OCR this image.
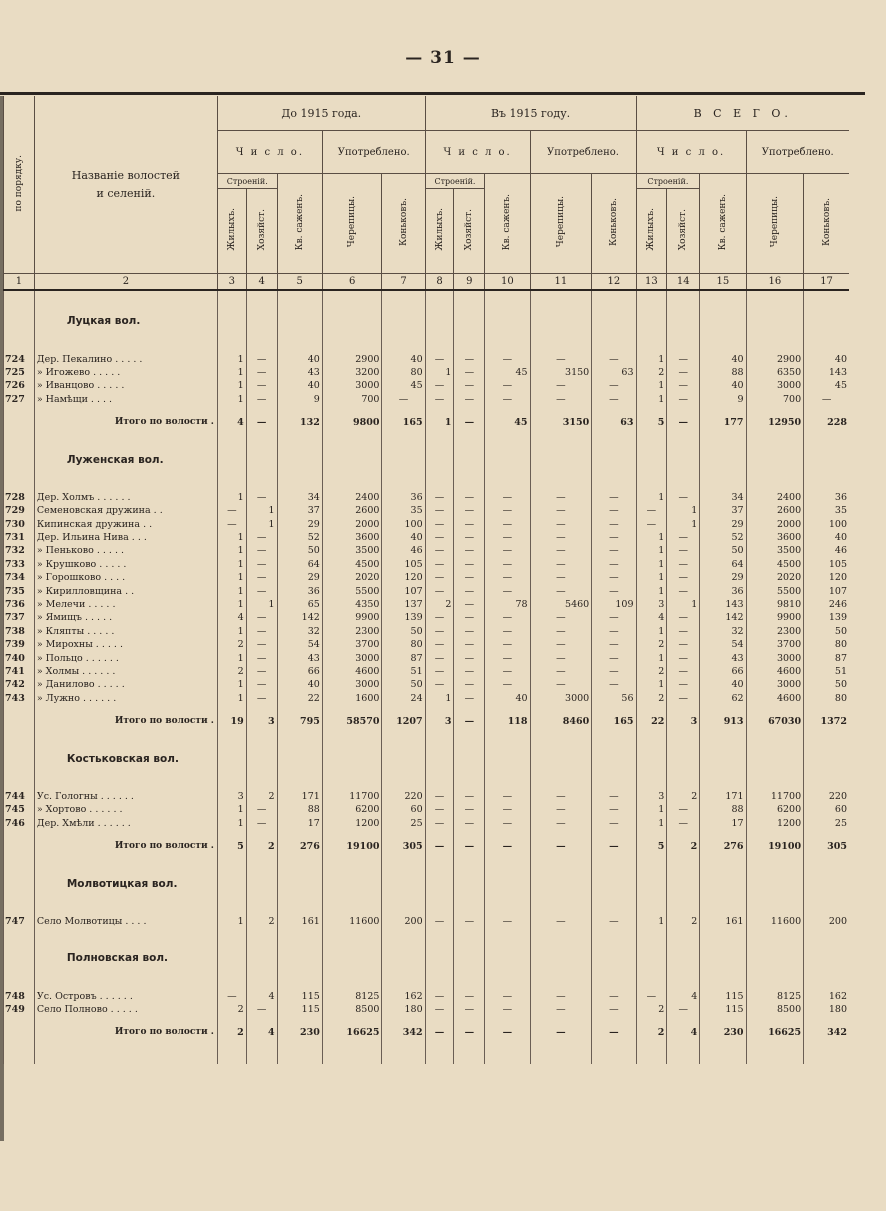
— 31 —
по порядку.	Названіе волостей
и селеній.	До 1915 года.					Въ 1915 году.					В С Е Г О.				
		Ч и с л о.			Употреблено.		Ч и с л о.			Употреблено.		Ч и с л о.			Употреблено.	
		Строеній.		Кв. саженъ.	Черепицы.	Коньковъ.	Строеній.		Кв. саженъ.	Черепицы.	Коньковъ.	Строеній.		Кв. саженъ.	Черепицы.	Коньковъ.
		Жилыхъ.	Хозяйст.				Жилыхъ.	Хозяйст.				Жилыхъ.	Хозяйст.			
1	2	3	4	5	6	7	8	9	10	11	12	13	14	15	16	17

	Луцкая вол.															

724	Дер. Пекалино . . . . .	1	—	40	2900	40	—	—	—	—	—	1	—	40	2900	40
725	» Игожево . . . . .	1	—	43	3200	80	1	—	45	3150	63	2	—	88	6350	143
726	» Иванцово . . . . .	1	—	40	3000	45	—	—	—	—	—	1	—	40	3000	45
727	» Намѣщи . . . .	1	—	9	700	—	—	—	—	—	—	1	—	9	700	—

	Итого по волости .	4	—	132	9800	165	1	—	45	3150	63	5	—	177	12950	228

	Луженская вол.															

728	Дер. Холмъ . . . . . .	1	—	34	2400	36	—	—	—	—	—	1	—	34	2400	36
729	Семеновская дружина . .	—	1	37	2600	35	—	—	—	—	—	—	1	37	2600	35
730	Кипинская дружина . .	—	1	29	2000	100	—	—	—	—	—	—	1	29	2000	100
731	Дер. Ильина Нива . . .	1	—	52	3600	40	—	—	—	—	—	1	—	52	3600	40
732	» Пеньково . . . . .	1	—	50	3500	46	—	—	—	—	—	1	—	50	3500	46
733	» Крушково . . . . .	1	—	64	4500	105	—	—	—	—	—	1	—	64	4500	105
734	» Горошково . . . .	1	—	29	2020	120	—	—	—	—	—	1	—	29	2020	120
735	» Кирилловщина . .	1	—	36	5500	107	—	—	—	—	—	1	—	36	5500	107
736	» Мелечи . . . . .	1	1	65	4350	137	2	—	78	5460	109	3	1	143	9810	246
737	» Ямищъ . . . . .	4	—	142	9900	139	—	—	—	—	—	4	—	142	9900	139
738	» Кляпты . . . . .	1	—	32	2300	50	—	—	—	—	—	1	—	32	2300	50
739	» Мирохны . . . . .	2	—	54	3700	80	—	—	—	—	—	2	—	54	3700	80
740	» Польцо . . . . . .	1	—	43	3000	87	—	—	—	—	—	1	—	43	3000	87
741	» Холмы . . . . . .	2	—	66	4600	51	—	—	—	—	—	2	—	66	4600	51
742	» Данилово . . . . .	1	—	40	3000	50	—	—	—	—	—	1	—	40	3000	50
743	» Лужно . . . . . .	1	—	22	1600	24	1	—	40	3000	56	2	—	62	4600	80

	Итого по волости .	19	3	795	58570	1207	3	—	118	8460	165	22	3	913	67030	1372

	Костьковская вол.															

744	Ус. Гологны . . . . . .	3	2	171	11700	220	—	—	—	—	—	3	2	171	11700	220
745	» Хортово . . . . . .	1	—	88	6200	60	—	—	—	—	—	1	—	88	6200	60
746	Дер. Хмѣли . . . . . .	1	—	17	1200	25	—	—	—	—	—	1	—	17	1200	25

	Итого по волости .	5	2	276	19100	305	—	—	—	—	—	5	2	276	19100	305

	Молвотицкая вол.															

747	Село Молвотицы . . . .	1	2	161	11600	200	—	—	—	—	—	1	2	161	11600	200

	Полновская вол.															

748	Ус. Островъ . . . . . .	—	4	115	8125	162	—	—	—	—	—	—	4	115	8125	162
749	Село Полново . . . . .	2	—	115	8500	180	—	—	—	—	—	2	—	115	8500	180

	Итого по волости .	2	4	230	16625	342	—	—	—	—	—	2	4	230	16625	342
